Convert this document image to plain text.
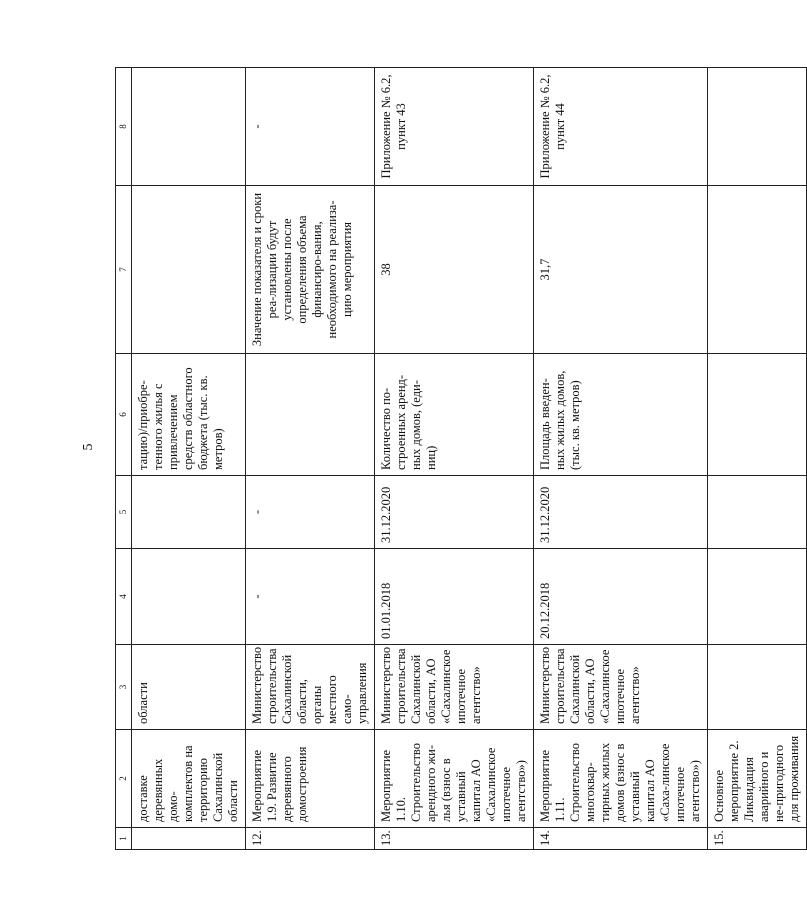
5
1	2	3	4	5	6	7	8
	доставке деревянных домо-комплектов на территорию Сахалинской области	области			тацию)/приобре-тенного жилья с привлечением средств областного бюджета (тыс. кв. метров)		
12.	Мероприятие 1.9. Развитие деревянного домостроения	Министерство строительства Сахалинской области, органы местного само-управления	-	-		Значение показателя и сроки реа-лизации будут установлены после определения объема финансиро-вания, необходимого на реализа-цию мероприятия	-
13.	Мероприятие 1.10. Строительство арендного жи-лья (взнос в уставный капитал АО «Сахалинское ипотечное агентство»)	Министерство строительства Сахалинской области, АО «Сахалинское ипотечное агентство»	01.01.2018	31.12.2020	Количество по-строенных аренд-ных домов, (еди-ниц)	38	Приложение № 6.2, пункт 43
14.	Мероприятие 1.11. Строительство многоквар-тирных жилых домов (взнос в уставный капитал АО «Саха-линское ипотечное агентство»)	Министерство строительства Сахалинской области, АО «Сахалинское ипотечное агентство»	20.12.2018	31.12.2020	Площадь введен-ных жилых домов, (тыс. кв. метров)	31,7	Приложение № 6.2, пункт 44
15.	Основное мероприятие 2. Ликвидация аварийного и не-пригодного для проживания						
